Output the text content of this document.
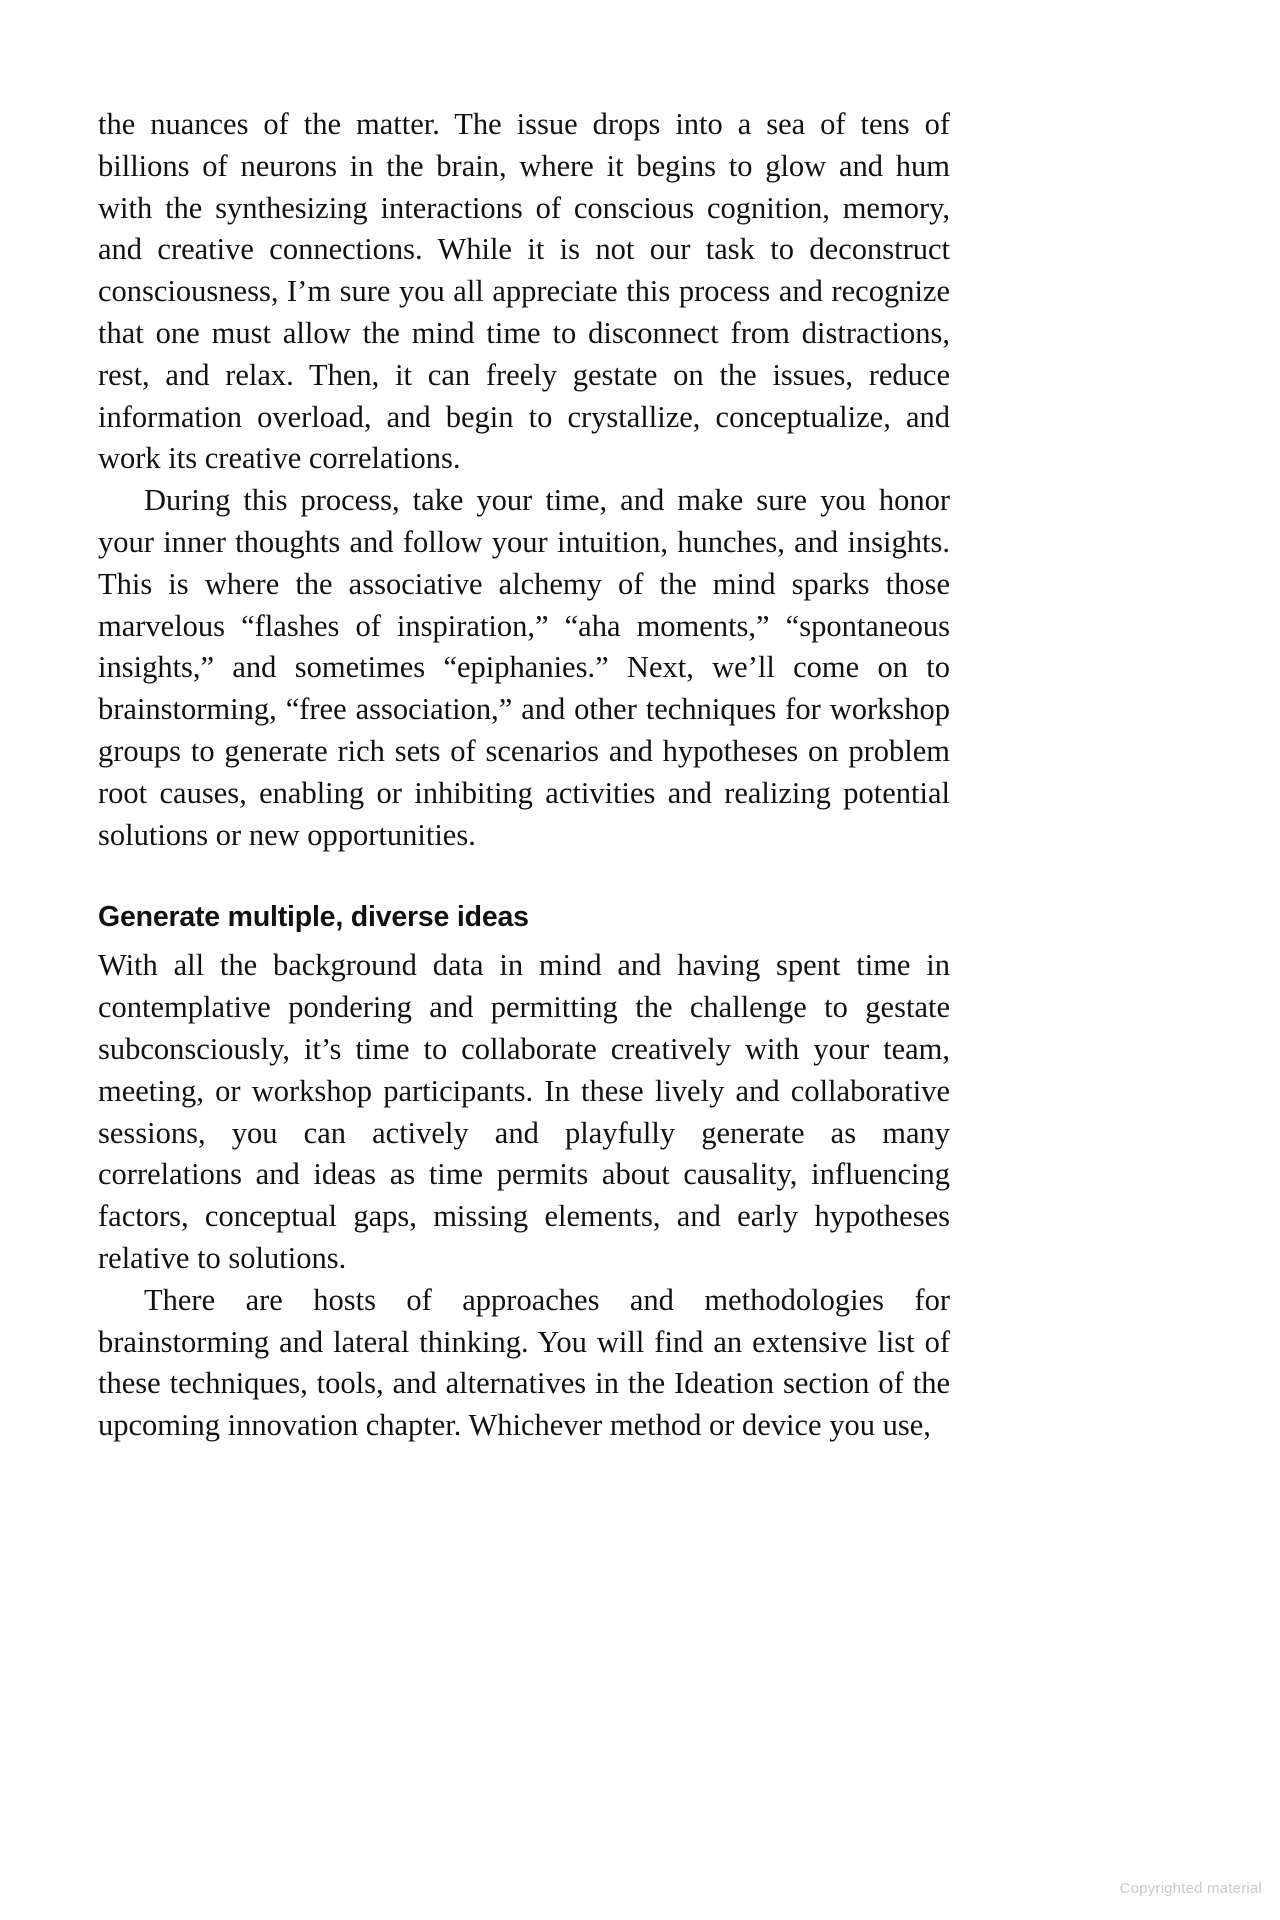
the nuances of the matter. The issue drops into a sea of tens of billions of neurons in the brain, where it begins to glow and hum with the synthesizing interactions of conscious cognition, memory, and creative connections. While it is not our task to deconstruct consciousness, I’m sure you all appreciate this process and recognize that one must allow the mind time to disconnect from distractions, rest, and relax. Then, it can freely gestate on the issues, reduce information overload, and begin to crystallize, conceptualize, and work its creative correlations.

During this process, take your time, and make sure you honor your inner thoughts and follow your intuition, hunches, and insights. This is where the associative alchemy of the mind sparks those marvelous “flashes of inspiration,” “aha moments,” “spontaneous insights,” and sometimes “epiphanies.” Next, we’ll come on to brainstorming, “free association,” and other techniques for workshop groups to generate rich sets of scenarios and hypotheses on problem root causes, enabling or inhibiting activities and realizing potential solutions or new opportunities.

Generate multiple, diverse ideas

With all the background data in mind and having spent time in contemplative pondering and permitting the challenge to gestate subconsciously, it’s time to collaborate creatively with your team, meeting, or workshop participants. In these lively and collaborative sessions, you can actively and playfully generate as many correlations and ideas as time permits about causality, influencing factors, conceptual gaps, missing elements, and early hypotheses relative to solutions.

There are hosts of approaches and methodologies for brainstorming and lateral thinking. You will find an extensive list of these techniques, tools, and alternatives in the Ideation section of the upcoming innovation chapter. Whichever method or device you use,

Copyrighted material
